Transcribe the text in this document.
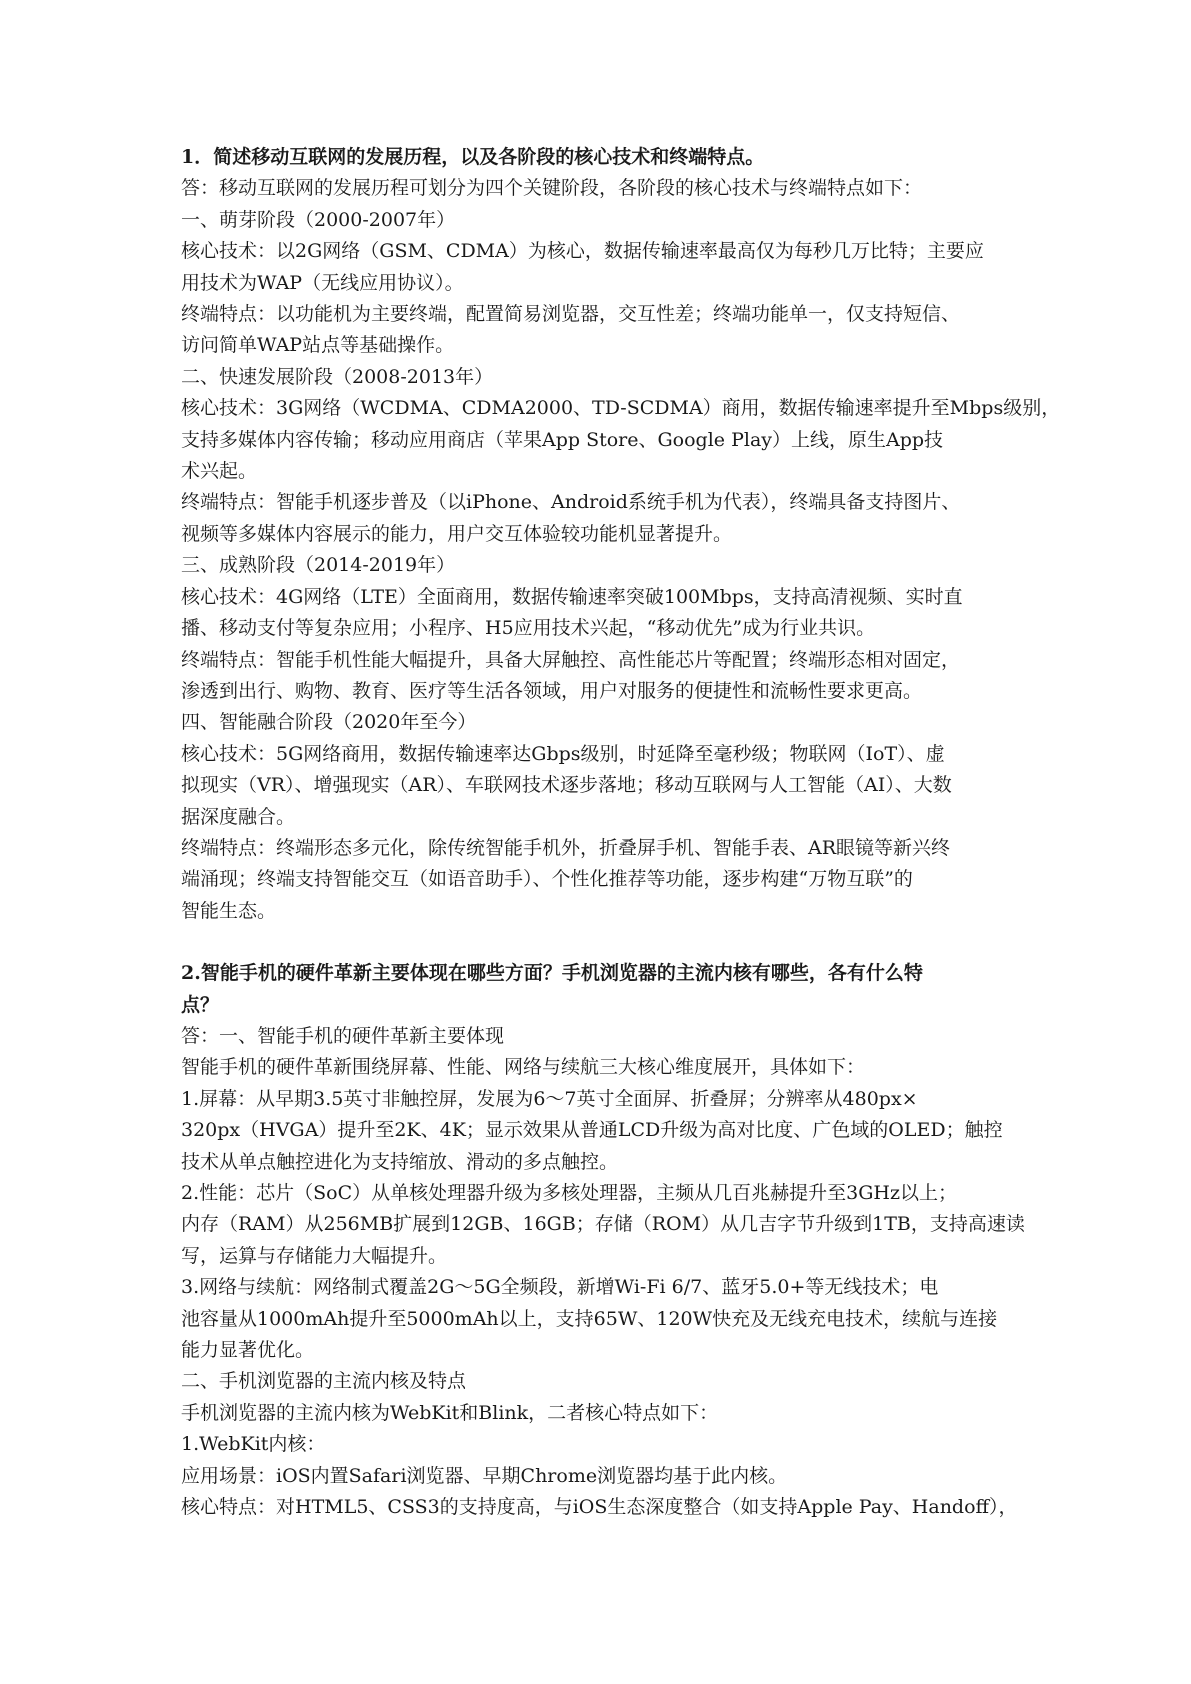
1．简述移动互联网的发展历程，以及各阶段的核心技术和终端特点。
答：移动互联网的发展历程可划分为四个关键阶段，各阶段的核心技术与终端特点如下：
一、萌芽阶段（2000-2007年）
核心技术：以2G网络（GSM、CDMA）为核心，数据传输速率最高仅为每秒几万比特；主要应
用技术为WAP（无线应用协议）。
终端特点：以功能机为主要终端，配置简易浏览器，交互性差；终端功能单一，仅支持短信、
访问简单WAP站点等基础操作。
二、快速发展阶段（2008-2013年）
核心技术：3G网络（WCDMA、CDMA2000、TD-SCDMA）商用，数据传输速率提升至Mbps级别，
支持多媒体内容传输；移动应用商店（苹果App Store、Google Play）上线，原生App技
术兴起。
终端特点：智能手机逐步普及（以iPhone、Android系统手机为代表），终端具备支持图片、
视频等多媒体内容展示的能力，用户交互体验较功能机显著提升。
三、成熟阶段（2014-2019年）
核心技术：4G网络（LTE）全面商用，数据传输速率突破100Mbps，支持高清视频、实时直
播、移动支付等复杂应用；小程序、H5应用技术兴起，“移动优先”成为行业共识。
终端特点：智能手机性能大幅提升，具备大屏触控、高性能芯片等配置；终端形态相对固定，
渗透到出行、购物、教育、医疗等生活各领域，用户对服务的便捷性和流畅性要求更高。
四、智能融合阶段（2020年至今）
核心技术：5G网络商用，数据传输速率达Gbps级别，时延降至毫秒级；物联网（IoT）、虚
拟现实（VR）、增强现实（AR）、车联网技术逐步落地；移动互联网与人工智能（AI）、大数
据深度融合。
终端特点：终端形态多元化，除传统智能手机外，折叠屏手机、智能手表、AR眼镜等新兴终
端涌现；终端支持智能交互（如语音助手）、个性化推荐等功能，逐步构建“万物互联”的
智能生态。
2.智能手机的硬件革新主要体现在哪些方面？手机浏览器的主流内核有哪些，各有什么特
点？
答：一、智能手机的硬件革新主要体现
智能手机的硬件革新围绕屏幕、性能、网络与续航三大核心维度展开，具体如下：
1.屏幕：从早期3.5英寸非触控屏，发展为6～7英寸全面屏、折叠屏；分辨率从480px×
320px（HVGA）提升至2K、4K；显示效果从普通LCD升级为高对比度、广色域的OLED；触控
技术从单点触控进化为支持缩放、滑动的多点触控。
2.性能：芯片（SoC）从单核处理器升级为多核处理器，主频从几百兆赫提升至3GHz以上；
内存（RAM）从256MB扩展到12GB、16GB；存储（ROM）从几吉字节升级到1TB，支持高速读
写，运算与存储能力大幅提升。
3.网络与续航：网络制式覆盖2G～5G全频段，新增Wi-Fi 6/7、蓝牙5.0+等无线技术；电
池容量从1000mAh提升至5000mAh以上，支持65W、120W快充及无线充电技术，续航与连接
能力显著优化。
二、手机浏览器的主流内核及特点
手机浏览器的主流内核为WebKit和Blink，二者核心特点如下：
1.WebKit内核：
应用场景：iOS内置Safari浏览器、早期Chrome浏览器均基于此内核。
核心特点：对HTML5、CSS3的支持度高，与iOS生态深度整合（如支持Apple Pay、Handoff），
